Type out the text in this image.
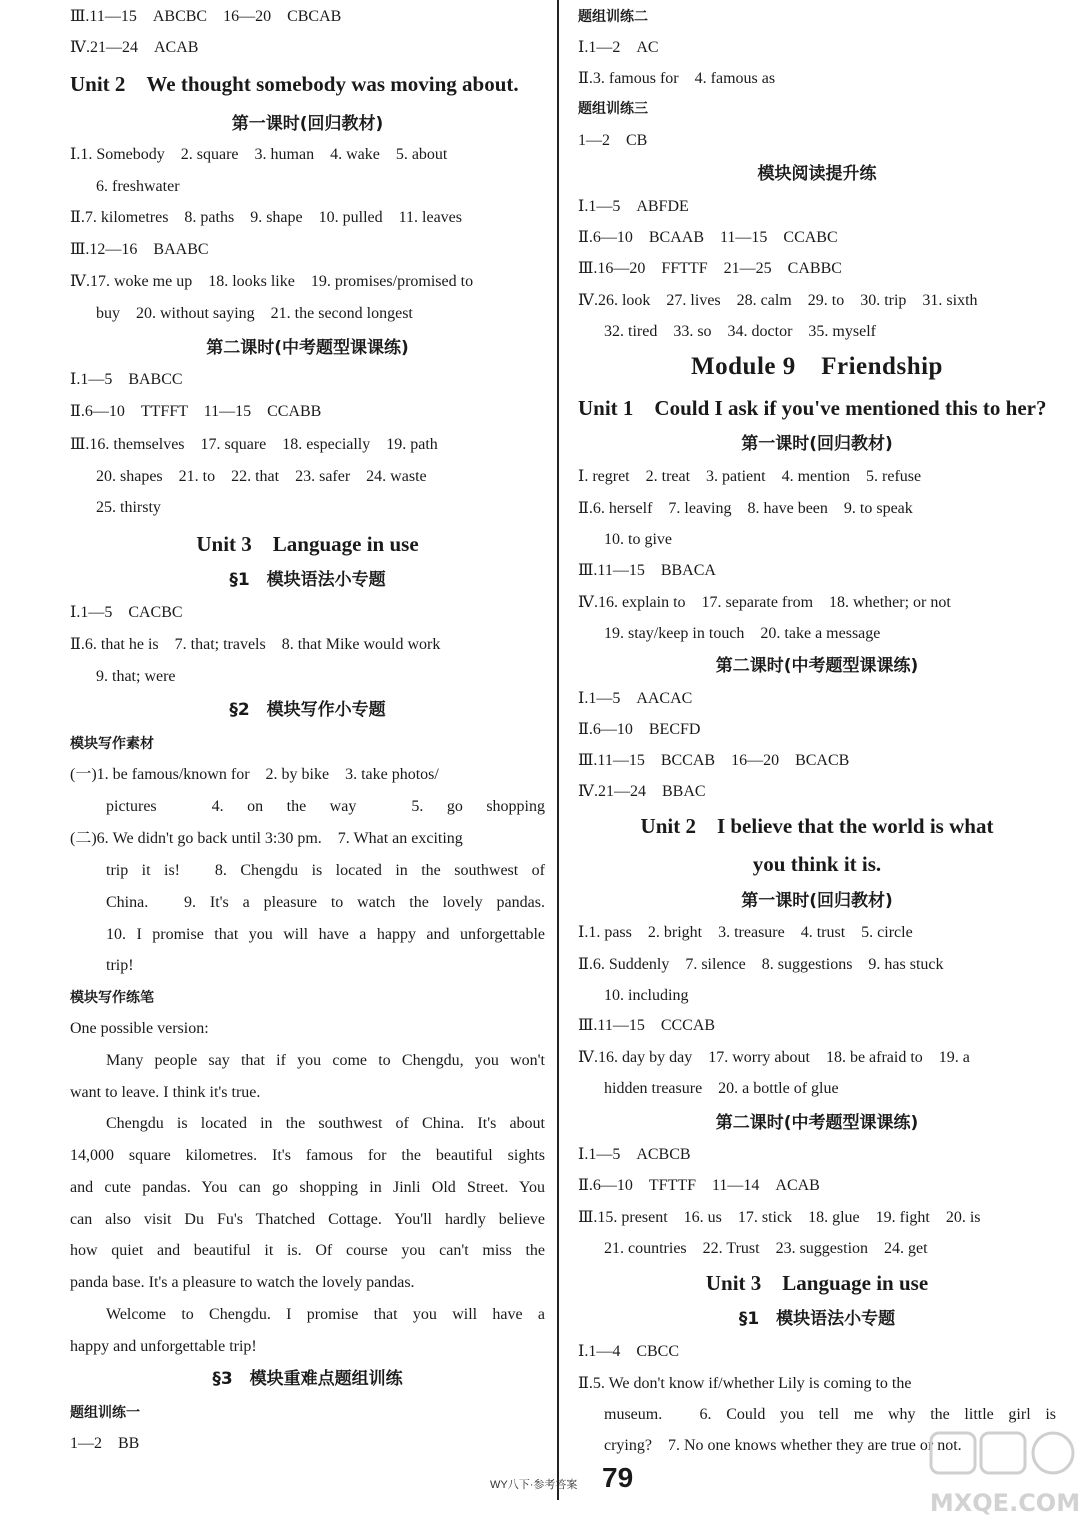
Ⅲ.11—15　ABCBC　16—20　CBCAB
Ⅳ.21—24　ACAB
Unit 2　We thought somebody was moving about.
第一课时(回归教材)
Ⅰ.1. Somebody　2. square　3. human　4. wake　5. about
6. freshwater
Ⅱ.7. kilometres　8. paths　9. shape　10. pulled　11. leaves
Ⅲ.12—16　BAABC
Ⅳ.17. woke me up　18. looks like　19. promises/promised to
buy　20. without saying　21. the second longest
第二课时(中考题型课课练)
Ⅰ.1—5　BABCC
Ⅱ.6—10　TTFFT　11—15　CCABB
Ⅲ.16. themselves　17. square　18. especially　19. path
20. shapes　21. to　22. that　23. safer　24. waste
25. thirsty
Unit 3　Language in use
§1　模块语法小专题
Ⅰ.1—5　CACBC
Ⅱ.6. that he is　7. that; travels　8. that Mike would work
9. that; were
§2　模块写作小专题
模块写作素材
(一)1. be famous/known for　2. by bike　3. take photos/
pictures　4. on the way　5. go shopping
(二)6. We didn't go back until 3:30 pm.　7. What an exciting
trip it is!　8. Chengdu is located in the southwest of
China.　9. It's a pleasure to watch the lovely pandas.
10. I promise that you will have a happy and unforgettable
trip!
模块写作练笔
One possible version:
Many people say that if you come to Chengdu, you won't
want to leave. I think it's true.
Chengdu is located in the southwest of China. It's about
14,000 square kilometres. It's famous for the beautiful sights
and cute pandas. You can go shopping in Jinli Old Street. You
can also visit Du Fu's Thatched Cottage. You'll hardly believe
how quiet and beautiful it is. Of course you can't miss the
panda base. It's a pleasure to watch the lovely pandas.
Welcome to Chengdu. I promise that you will have a
happy and unforgettable trip!
§3　模块重难点题组训练
题组训练一
1—2　BB
题组训练二
Ⅰ.1—2　AC
Ⅱ.3. famous for　4. famous as
题组训练三
1—2　CB
模块阅读提升练
Ⅰ.1—5　ABFDE
Ⅱ.6—10　BCAAB　11—15　CCABC
Ⅲ.16—20　FFTTF　21—25　CABBC
Ⅳ.26. look　27. lives　28. calm　29. to　30. trip　31. sixth
32. tired　33. so　34. doctor　35. myself
Module 9　Friendship
Unit 1　Could I ask if you've mentioned this to her?
第一课时(回归教材)
Ⅰ. regret　2. treat　3. patient　4. mention　5. refuse
Ⅱ.6. herself　7. leaving　8. have been　9. to speak
10. to give
Ⅲ.11—15　BBACA
Ⅳ.16. explain to　17. separate from　18. whether; or not
19. stay/keep in touch　20. take a message
第二课时(中考题型课课练)
Ⅰ.1—5　AACAC
Ⅱ.6—10　BECFD
Ⅲ.11—15　BCCAB　16—20　BCACB
Ⅳ.21—24　BBAC
Unit 2　I believe that the world is what
you think it is.
第一课时(回归教材)
Ⅰ.1. pass　2. bright　3. treasure　4. trust　5. circle
Ⅱ.6. Suddenly　7. silence　8. suggestions　9. has stuck
10. including
Ⅲ.11—15　CCCAB
Ⅳ.16. day by day　17. worry about　18. be afraid to　19. a
hidden treasure　20. a bottle of glue
第二课时(中考题型课课练)
Ⅰ.1—5　ACBCB
Ⅱ.6—10　TFTTF　11—14　ACAB
Ⅲ.15. present　16. us　17. stick　18. glue　19. fight　20. is
21. countries　22. Trust　23. suggestion　24. get
Unit 3　Language in use
§1　模块语法小专题
Ⅰ.1—4　CBCC
Ⅱ.5. We don't know if/whether Lily is coming to the
museum.　6. Could you tell me why the little girl is
crying?　7. No one knows whether they are true or not.
WY八下·参考答案 79
MXQE.COM
